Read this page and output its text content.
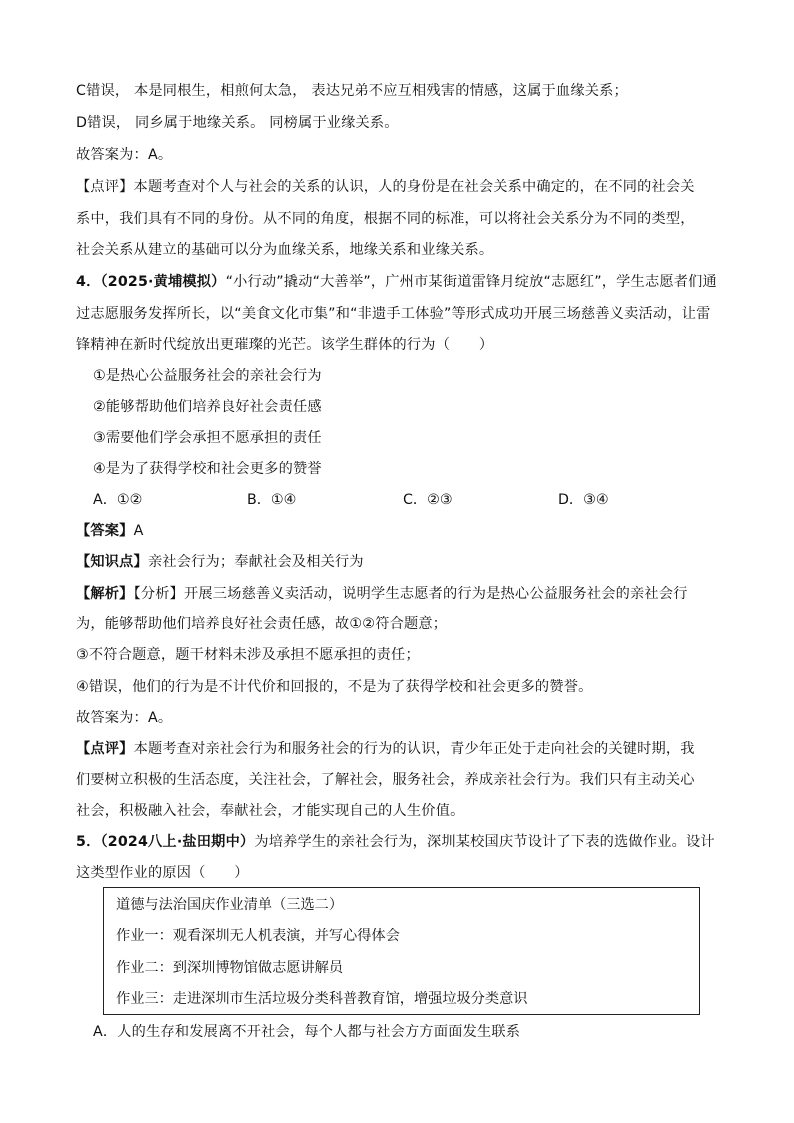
C错误， 本是同根生，相煎何太急， 表达兄弟不应互相残害的情感，这属于血缘关系；
D错误， 同乡属于地缘关系。 同榜属于业缘关系。
故答案为：A。
【点评】本题考查对个人与社会的关系的认识，人的身份是在社会关系中确定的，在不同的社会关
系中，我们具有不同的身份。从不同的角度，根据不同的标准，可以将社会关系分为不同的类型，
社会关系从建立的基础可以分为血缘关系，地缘关系和业缘关系。
4．（2025·黄埔模拟）“小行动”撬动“大善举”，广州市某街道雷锋月绽放“志愿红”，学生志愿者们通
过志愿服务发挥所长，以“美食文化市集”和“非遗手工体验”等形式成功开展三场慈善义卖活动，让雷
锋精神在新时代绽放出更璀璨的光芒。该学生群体的行为（　　）
①是热心公益服务社会的亲社会行为
②能够帮助他们培养良好社会责任感
③需要他们学会承担不愿承担的责任
④是为了获得学校和社会更多的赞誉
A．①②	B．①④	C．②③	D．③④
【答案】A
【知识点】亲社会行为；奉献社会及相关行为
【解析】【分析】开展三场慈善义卖活动，说明学生志愿者的行为是热心公益服务社会的亲社会行
为，能够帮助他们培养良好社会责任感，故①②符合题意；
③不符合题意，题干材料未涉及承担不愿承担的责任；
④错误，他们的行为是不计代价和回报的，不是为了获得学校和社会更多的赞誉。
故答案为：A。
【点评】本题考查对亲社会行为和服务社会的行为的认识，青少年正处于走向社会的关键时期，我
们要树立积极的生活态度，关注社会，了解社会，服务社会，养成亲社会行为。我们只有主动关心
社会，积极融入社会，奉献社会，才能实现自己的人生价值。
5．（2024八上·盐田期中）为培养学生的亲社会行为，深圳某校国庆节设计了下表的选做作业。设计
这类型作业的原因（　　）
道德与法治国庆作业清单（三选二）
作业一：观看深圳无人机表演，并写心得体会
作业二：到深圳博物馆做志愿讲解员
作业三：走进深圳市生活垃圾分类科普教育馆，增强垃圾分类意识
A．人的生存和发展离不开社会，每个人都与社会方方面面发生联系
